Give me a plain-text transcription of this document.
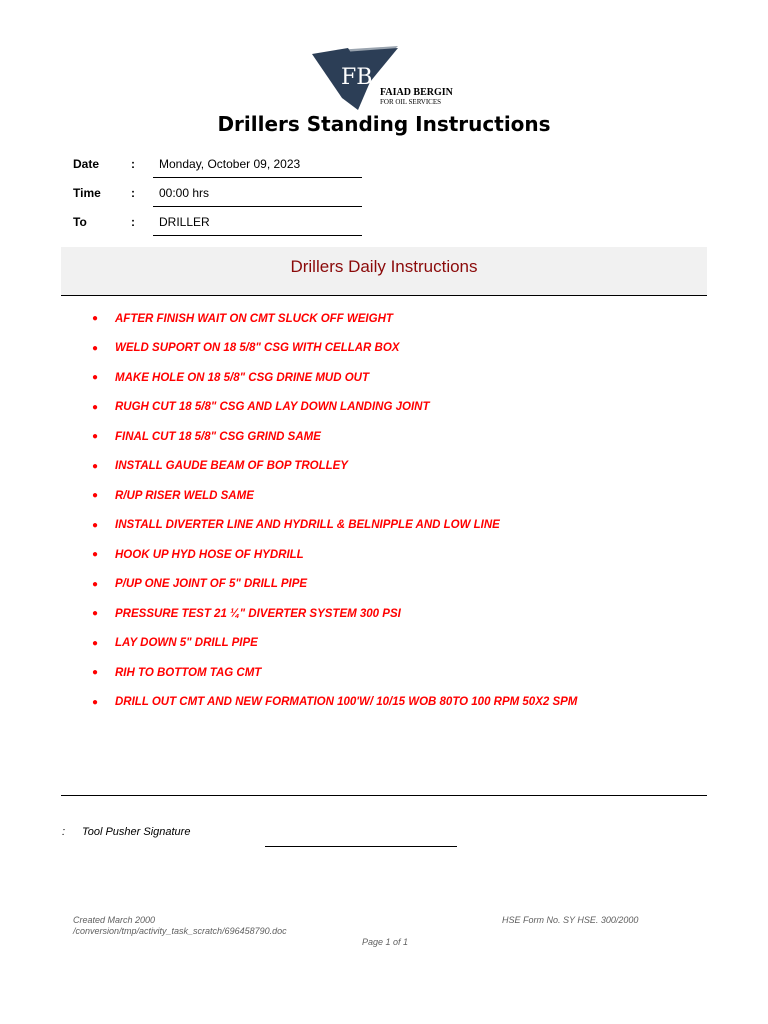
FB
FAIAD BERGIN
FOR OIL SERVICES
Drillers Standing Instructions
Date	:	Monday, October 09, 2023
Time	:	00:00 hrs
To	:	DRILLER
Drillers Daily Instructions
●	AFTER FINISH WAIT ON CMT SLUCK OFF WEIGHT
●	WELD SUPORT ON 18 5/8" CSG WITH CELLAR BOX
●	MAKE HOLE ON 18 5/8" CSG DRINE MUD OUT
●	RUGH CUT 18 5/8" CSG AND LAY DOWN LANDING JOINT
●	FINAL CUT 18 5/8" CSG GRIND SAME
●	INSTALL GAUDE BEAM OF BOP TROLLEY
●	R/UP RISER WELD SAME
●	INSTALL DIVERTER LINE AND HYDRILL & BELNIPPLE AND LOW LINE
●	HOOK UP HYD HOSE OF HYDRILL
●	P/UP ONE JOINT OF 5" DRILL PIPE
●	PRESSURE TEST 21 ¼" DIVERTER SYSTEM 300 PSI
●	LAY DOWN 5" DRILL PIPE
●	RIH TO BOTTOM TAG CMT
●	DRILL OUT CMT AND NEW FORMATION 100'W/ 10/15 WOB 80TO 100 RPM 50X2 SPM
: Tool Pusher Signature
Created March 2000
/conversion/tmp/activity_task_scratch/696458790.doc
HSE Form No. SY HSE. 300/2000
Page 1 of 1
